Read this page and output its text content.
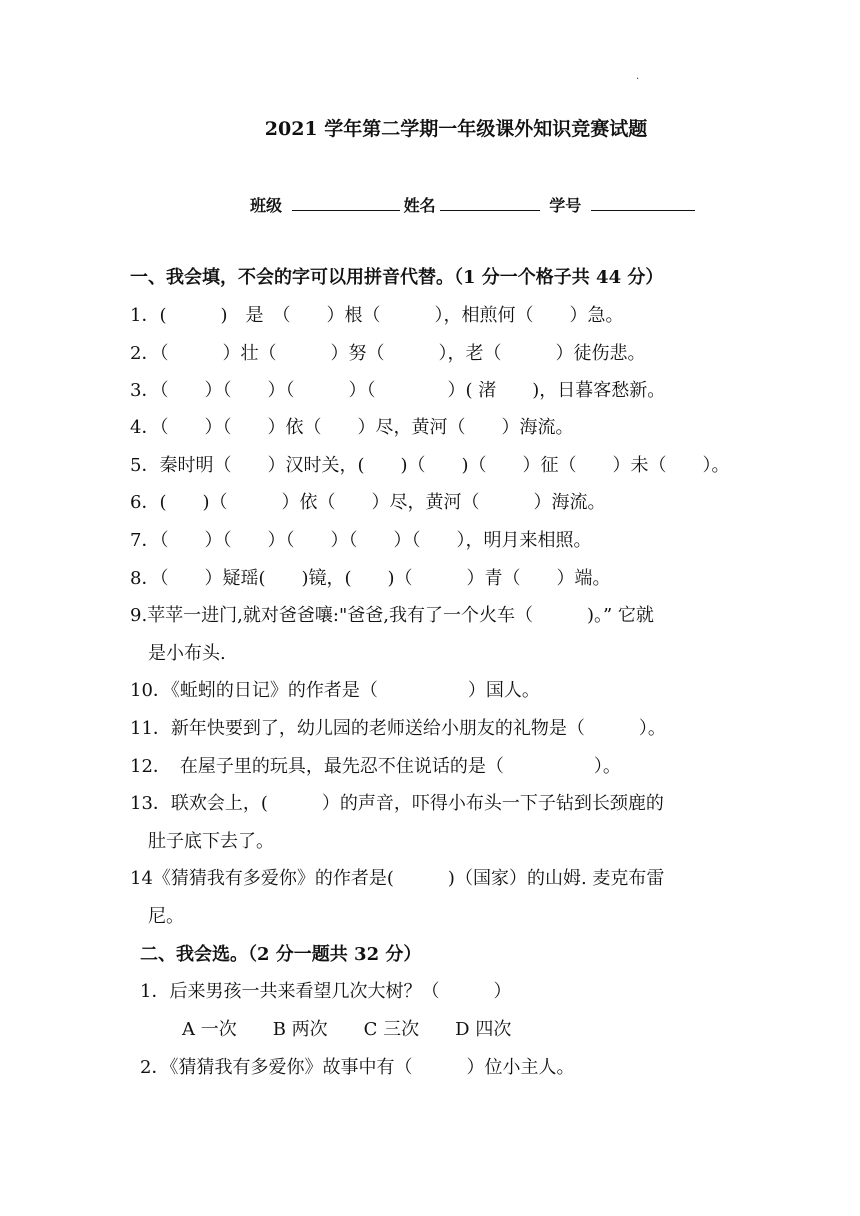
.
2021 学年第二学期一年级课外知识竞赛试题
班级	姓名	学号
一、我会填，不会的字可以用拼音代替。（1 分一个格子共 44 分）
1．(　　　)　是　（　　）根（　　　），相煎何（　　）急。
2．（　　　）壮（　　　）努（　　　），老（　　　）徒伤悲。
3．（　　）（　　）（　　　）（　　　　）( 渚　　)，日暮客愁新。
4．（　　）（　　）依（　　）尽，黄河（　　）海流。
5．秦时明（　　）汉时关，(　　)（　　)（　　）征（　　）未（　　）。
6．(　　)（　　　）依（　　）尽，黄河（　　　）海流。
7．（　　）（　　）（　　）（　　）（　　），明月来相照。
8．（　　）疑瑶(　　)镜，(　　)（　　　）青（　　）端。
9.苹苹一进门,就对爸爸嚷:"爸爸,我有了一个火车（　　　)。” 它就
　是小布头.
10．《蚯蚓的日记》的作者是（　　　　　）国人。
11．新年快要到了，幼儿园的老师送给小朋友的礼物是（　　　）。
12．　在屋子里的玩具，最先忍不住说话的是（　　　　　）。
13．联欢会上，(　　　）的声音，吓得小布头一下子钻到长颈鹿的
　肚子底下去了。
14《猜猜我有多爱你》的作者是(　　　)（国家）的山姆. 麦克布雷
　尼。
二、我会选。（2 分一题共 32 分）
1．后来男孩一共来看望几次大树？（　　　）
A 一次　　B 两次　　C 三次　　D 四次
2．《猜猜我有多爱你》故事中有（　　　）位小主人。
